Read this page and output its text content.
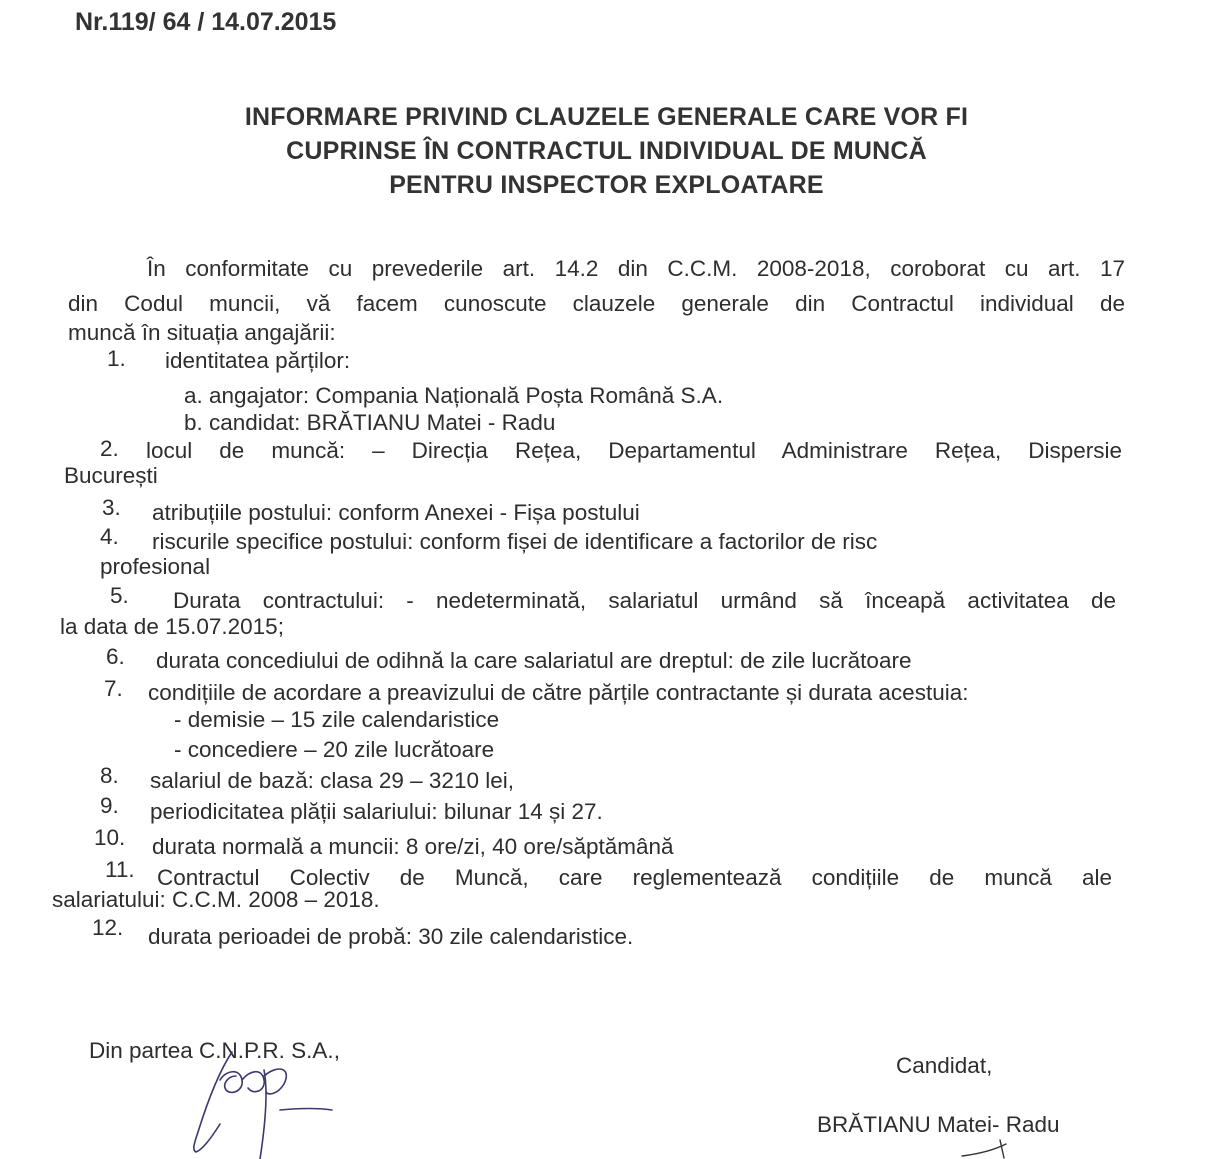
Nr.119/ 64 / 14.07.2015
INFORMARE PRIVIND CLAUZELE GENERALE CARE VOR FI
CUPRINSE ÎN CONTRACTUL INDIVIDUAL DE MUNCĂ
PENTRU INSPECTOR EXPLOATARE
În conformitate cu prevederile art. 14.2 din C.C.M. 2008-2018, coroborat cu art. 17
din Codul muncii, vă facem cunoscute clauzele generale din Contractul individual de
muncă în situația angajării:
1. identitatea părților:
a. angajator: Compania Națională Poșta Română S.A.
b. candidat: BRĂTIANU Matei - Radu
2. locul de muncă: – Direcția Rețea, Departamentul Administrare Rețea, Dispersie
București
3. atribuțiile postului: conform Anexei - Fișa postului
4. riscurile specifice postului: conform fișei de identificare a factorilor de risc
profesional
5. Durata contractului: - nedeterminată, salariatul urmând să înceapă activitatea de
la data de 15.07.2015;
6. durata concediului de odihnă la care salariatul are dreptul: de zile lucrătoare
7. condițiile de acordare a preavizului de către părțile contractante și durata acestuia:
- demisie – 15 zile calendaristice
- concediere – 20 zile lucrătoare
8. salariul de bază: clasa 29 – 3210 lei,
9. periodicitatea plății salariului: bilunar 14 și 27.
10. durata normală a muncii: 8 ore/zi, 40 ore/săptămână
11. Contractul Colectiv de Muncă, care reglementează condițiile de muncă ale
salariatului: C.C.M. 2008 – 2018.
12. durata perioadei de probă: 30 zile calendaristice.
Din partea C.N.P.R. S.A.,
Candidat,
BRĂTIANU Matei- Radu
